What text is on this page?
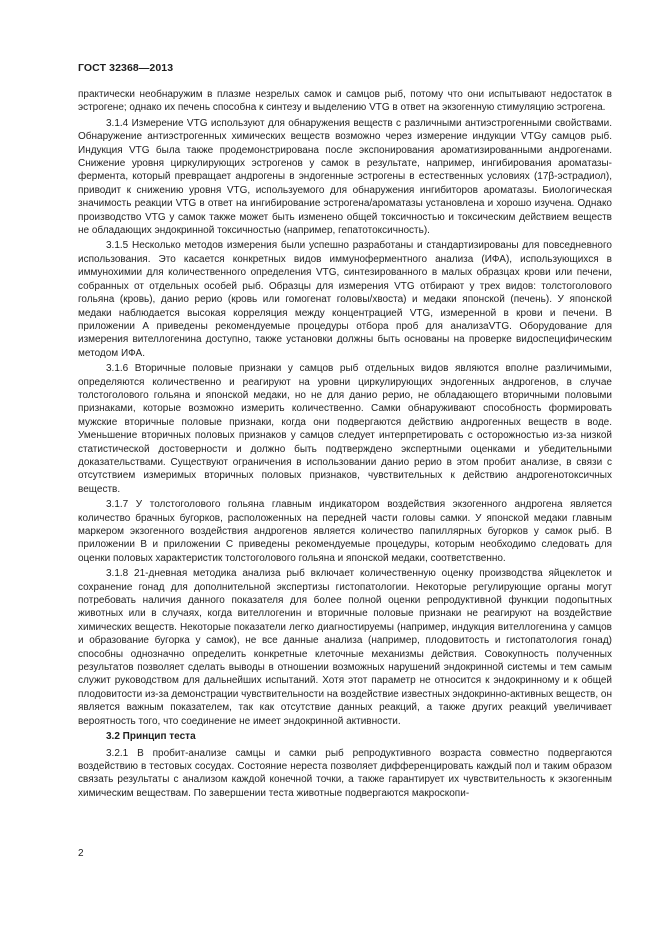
ГОСТ 32368—2013

практически необнаружим в плазме незрелых самок и самцов рыб, потому что они испытывают недостаток в эстрогене; однако их печень способна к синтезу и выделению VTG в ответ на экзогенную стимуляцию эстрогена.

3.1.4 Измерение VTG используют для обнаружения веществ с различными антиэстрогенными свойствами. Обнаружение антиэстрогенных химических веществ возможно через измерение индукции VTGу самцов рыб. Индукция VTG была также продемонстрирована после экспонирования ароматизированными андрогенами. Снижение уровня циркулирующих эстрогенов у самок в результате, например, ингибирования ароматазы-фермента, который превращает андрогены в эндогенные эстрогены в естественных условиях (17β-эстрадиол), приводит к снижению уровня VTG, используемого для обнаружения ингибиторов ароматазы. Биологическая значимость реакции VTG в ответ на ингибирование эстрогена/ароматазы установлена и хорошо изучена. Однако производство VTG у самок также может быть изменено общей токсичностью и токсическим действием веществ не обладающих эндокринной токсичностью (например, гепатотоксичность).

3.1.5 Несколько методов измерения были успешно разработаны и стандартизированы для повседневного использования. Это касается конкретных видов иммуноферментного анализа (ИФА), использующихся в иммунохимии для количественного определения VTG, синтезированного в малых образцах крови или печени, собранных от отдельных особей рыб. Образцы для измерения VTG отбирают у трех видов: толстоголового гольяна (кровь), данио рерио (кровь или гомогенат головы/хвоста) и медаки японской (печень). У японской медаки наблюдается высокая корреляция между концентрацией VTG, измеренной в крови и печени. В приложении А приведены рекомендуемые процедуры отбора проб для анализаVTG. Оборудование для измерения вителлогенина доступно, также установки должны быть основаны на проверке видоспецифическим методом ИФА.

3.1.6 Вторичные половые признаки у самцов рыб отдельных видов являются вполне различимыми, определяются количественно и реагируют на уровни циркулирующих эндогенных андрогенов, в случае толстоголового гольяна и японской медаки, но не для данио рерио, не обладающего вторичными половыми признаками, которые возможно измерить количественно. Самки обнаруживают способность формировать мужские вторичные половые признаки, когда они подвергаются действию андрогенных веществ в воде. Уменьшение вторичных половых признаков у самцов следует интерпретировать с осторожностью из-за низкой статистической достоверности и должно быть подтверждено экспертными оценками и убедительными доказательствами. Существуют ограничения в использовании данио рерио в этом пробит анализе, в связи с отсутствием измеримых вторичных половых признаков, чувствительных к действию андрогенотоксичных веществ.

3.1.7 У толстоголового гольяна главным индикатором воздействия экзогенного андрогена является количество брачных бугорков, расположенных на передней части головы самки. У японской медаки главным маркером экзогенного воздействия андрогенов является количество папиллярных бугорков у самок рыб. В приложении В и приложении С приведены рекомендуемые процедуры, которым необходимо следовать для оценки половых характеристик толстоголового гольяна и японской медаки, соответственно.

3.1.8 21-дневная методика анализа рыб включает количественную оценку производства яйцеклеток и сохранение гонад для дополнительной экспертизы гистопатологии. Некоторые регулирующие органы могут потребовать наличия данного показателя для более полной оценки репродуктивной функции подопытных животных или в случаях, когда вителлогенин и вторичные половые признаки не реагируют на воздействие химических веществ. Некоторые показатели легко диагностируемы (например, индукция вителлогенина у самцов и образование бугорка у самок), не все данные анализа (например, плодовитость и гистопатология гонад) способны однозначно определить конкретные клеточные механизмы действия. Совокупность полученных результатов позволяет сделать выводы в отношении возможных нарушений эндокринной системы и тем самым служит руководством для дальнейших испытаний. Хотя этот параметр не относится к эндокринному и к общей плодовитости из-за демонстрации чувствительности на воздействие известных эндокринно-активных веществ, он является важным показателем, так как отсутствие данных реакций, а также других реакций увеличивает вероятность того, что соединение не имеет эндокринной активности.

3.2 Принцип теста

3.2.1 В пробит-анализе самцы и самки рыб репродуктивного возраста совместно подвергаются воздействию в тестовых сосудах. Состояние нереста позволяет дифференцировать каждый пол и таким образом связать результаты с анализом каждой конечной точки, а также гарантирует их чувствительность к экзогенным химическим веществам. По завершении теста животные подвергаются макроскопи-

2
